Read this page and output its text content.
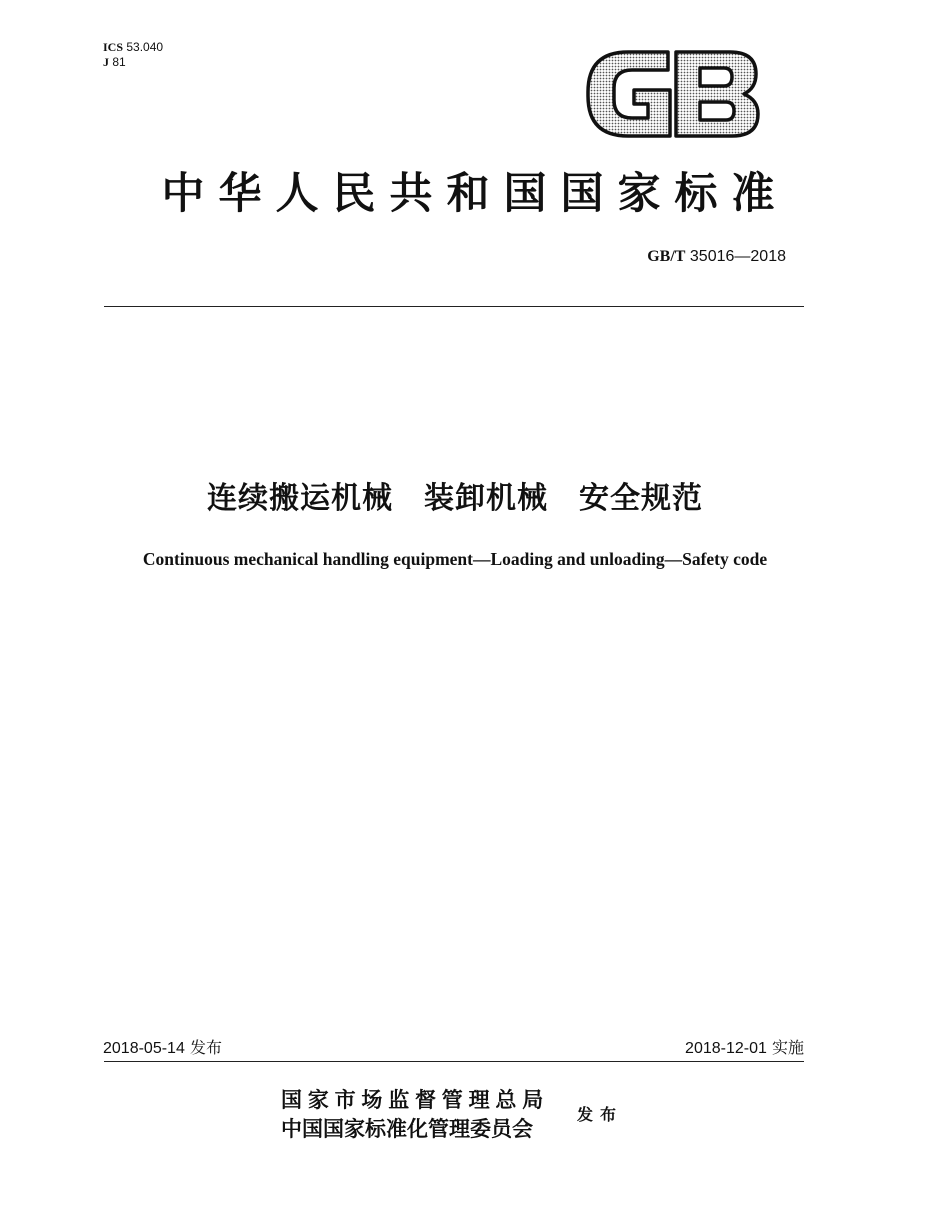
ICS 53.040
J 81
中华人民共和国国家标准
GB/T 35016—2018
连续搬运机械　装卸机械　安全规范
Continuous mechanical handling equipment—Loading and unloading—Safety code
2018-05-14 发布	2018-12-01 实施
国家市场监督管理总局
中国国家标准化管理委员会
发布
